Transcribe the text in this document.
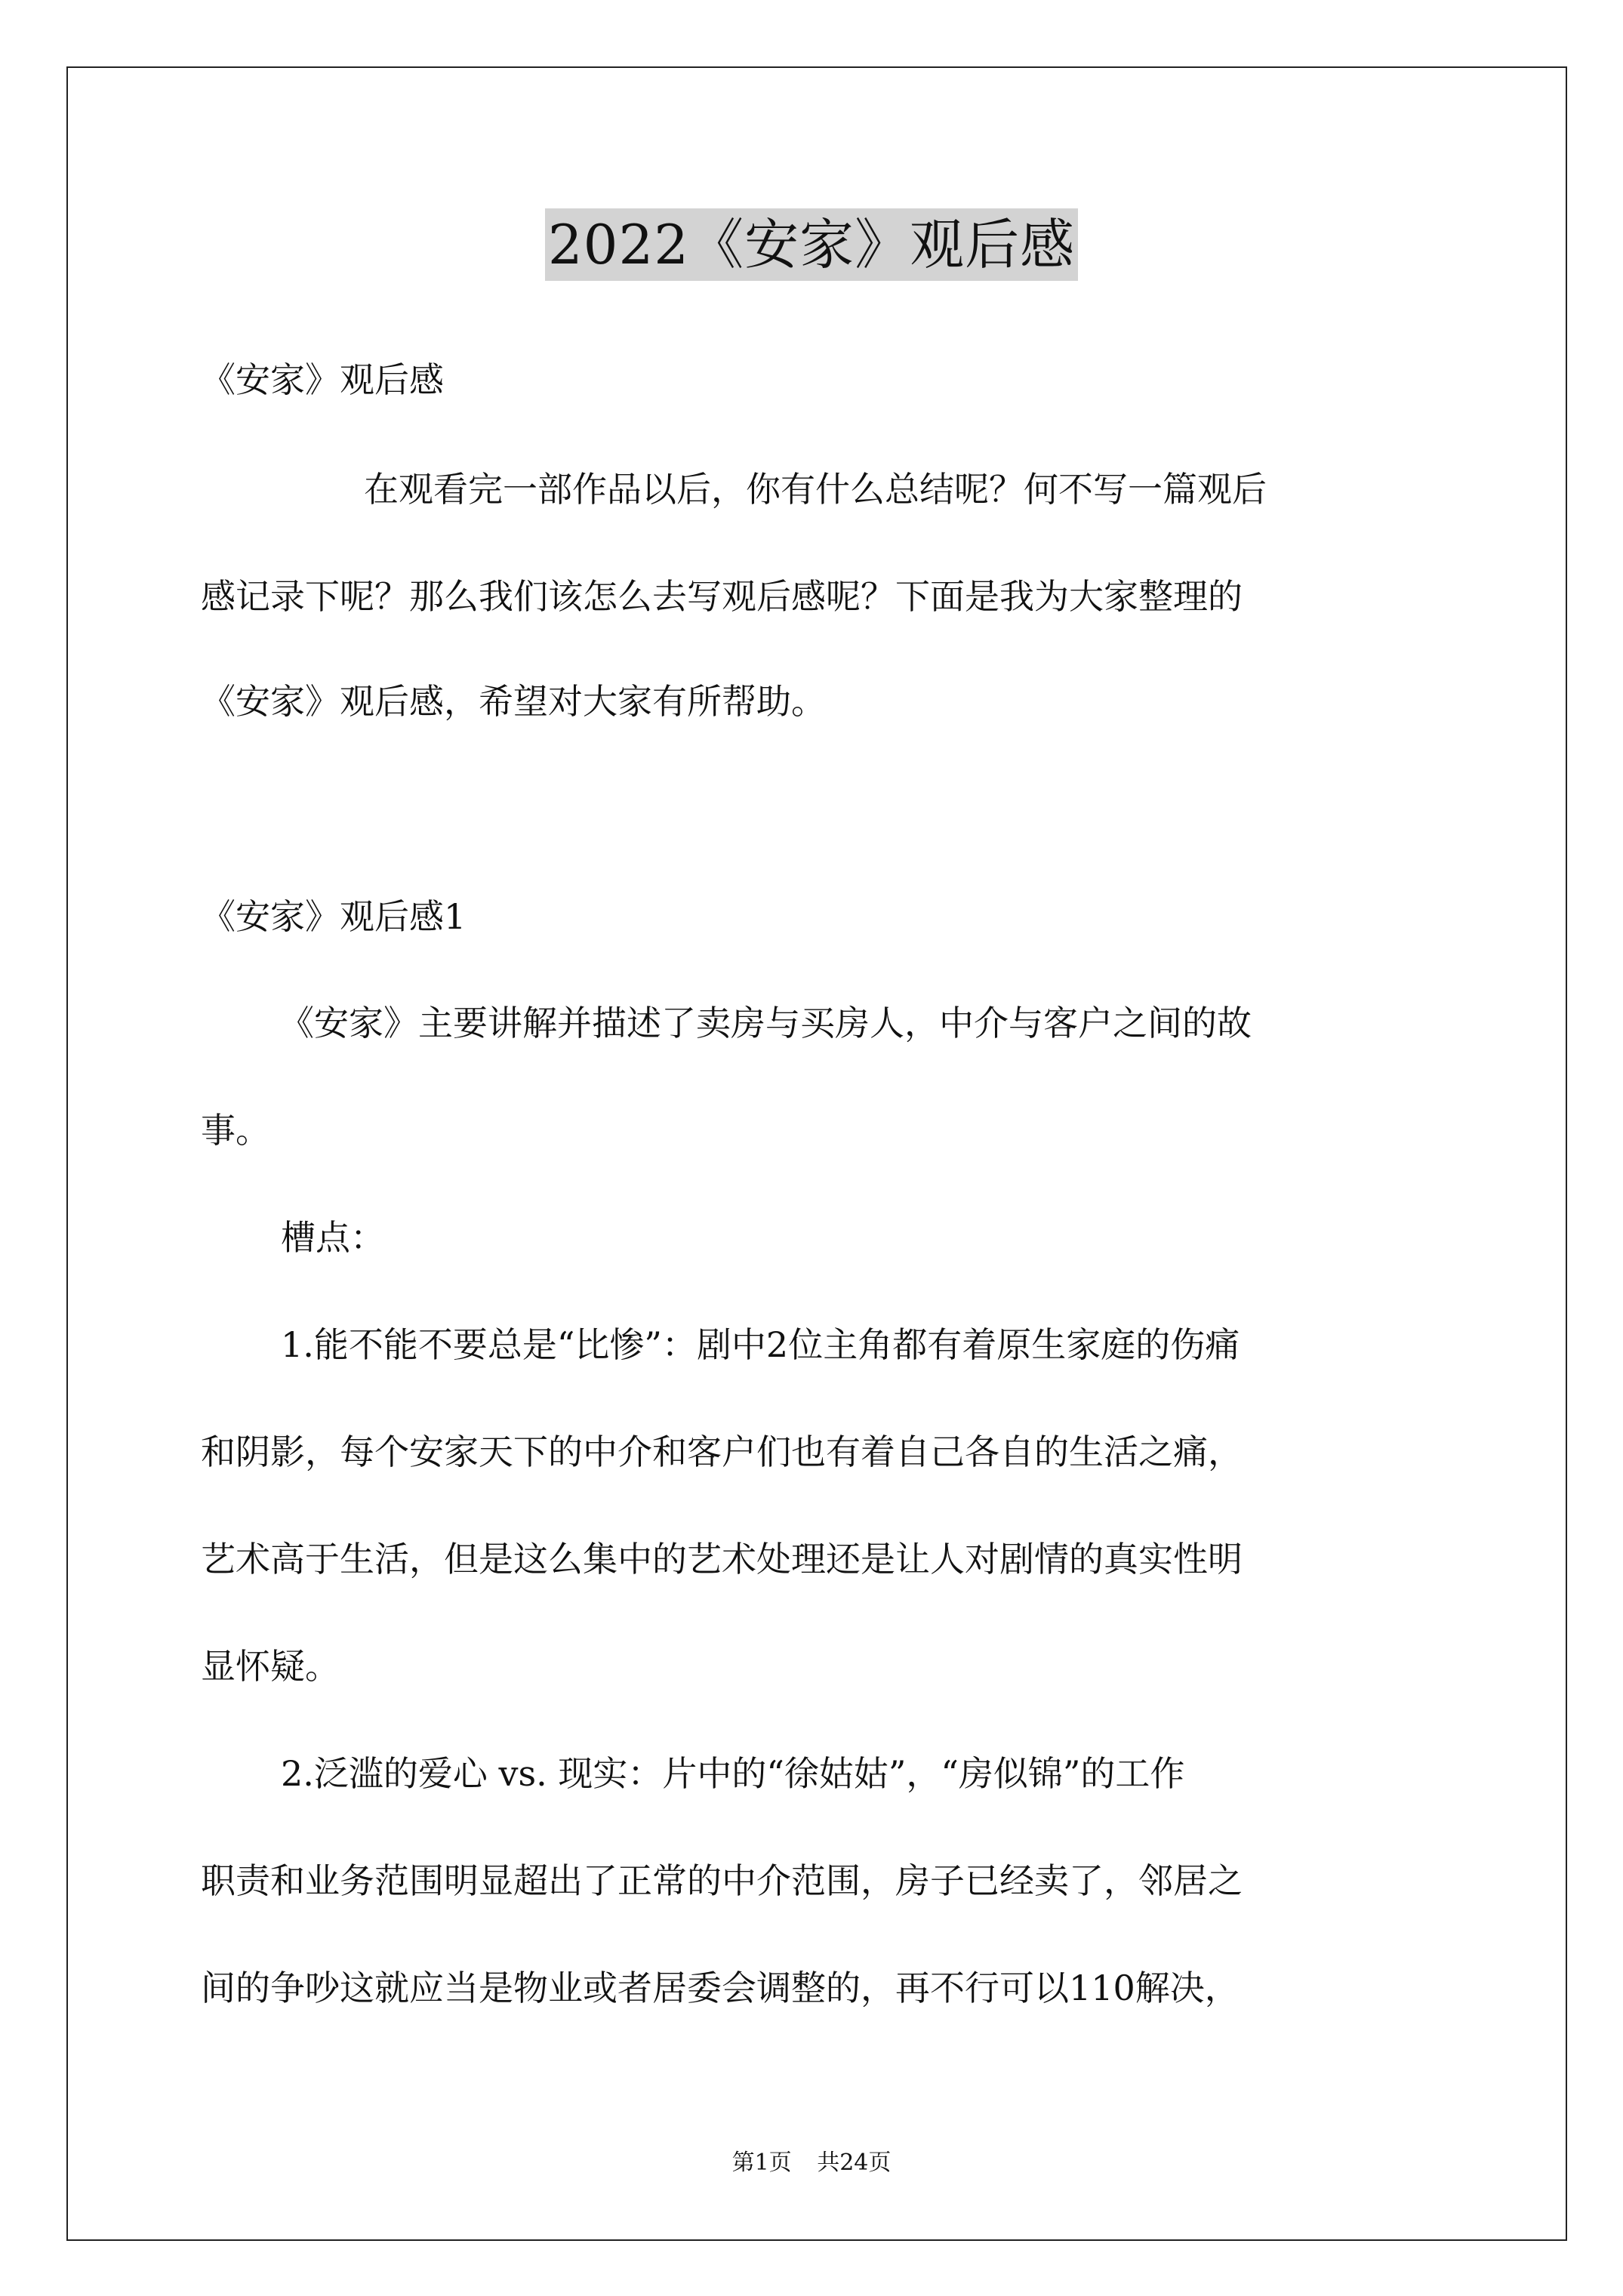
2022《安家》观后感
《安家》观后感
在观看完一部作品以后，你有什么总结呢？何不写一篇观后
感记录下呢？那么我们该怎么去写观后感呢？下面是我为大家整理的
《安家》观后感，希望对大家有所帮助。
《安家》观后感1
《安家》主要讲解并描述了卖房与买房人，中介与客户之间的故
事。
槽点：
1.能不能不要总是“比惨”：剧中2位主角都有着原生家庭的伤痛
和阴影，每个安家天下的中介和客户们也有着自己各自的生活之痛，
艺术高于生活，但是这么集中的艺术处理还是让人对剧情的真实性明
显怀疑。
2.泛滥的爱心 vs. 现实：片中的“徐姑姑”，“房似锦”的工作
职责和业务范围明显超出了正常的中介范围，房子已经卖了，邻居之
间的争吵这就应当是物业或者居委会调整的，再不行可以110解决，
第1页 共24页
